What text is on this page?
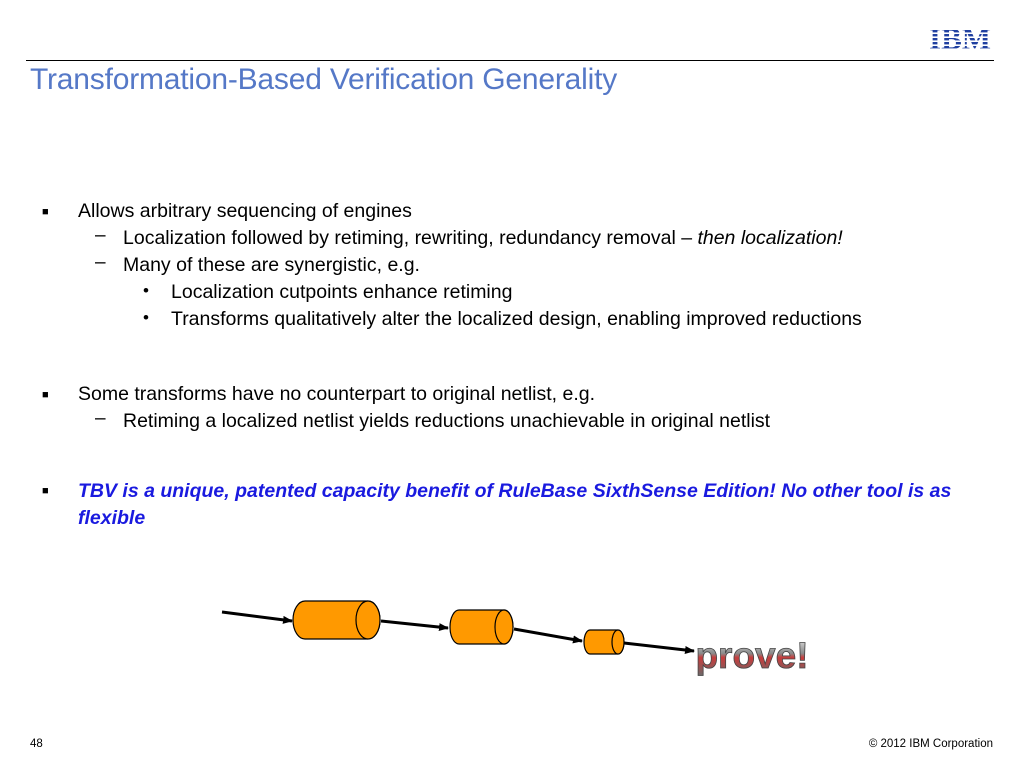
IBM
Transformation-Based Verification Generality
■ Allows arbitrary sequencing of engines
– Localization followed by retiming, rewriting, redundancy removal – then localization!
– Many of these are synergistic, e.g.
• Localization cutpoints enhance retiming
• Transforms qualitatively alter the localized design, enabling improved reductions
■ Some transforms have no counterpart to original netlist, e.g.
– Retiming a localized netlist yields reductions unachievable in original netlist
■ TBV is a unique, patented capacity benefit of RuleBase SixthSense Edition! No other tool is as flexible
prove!
48	© 2012 IBM Corporation
